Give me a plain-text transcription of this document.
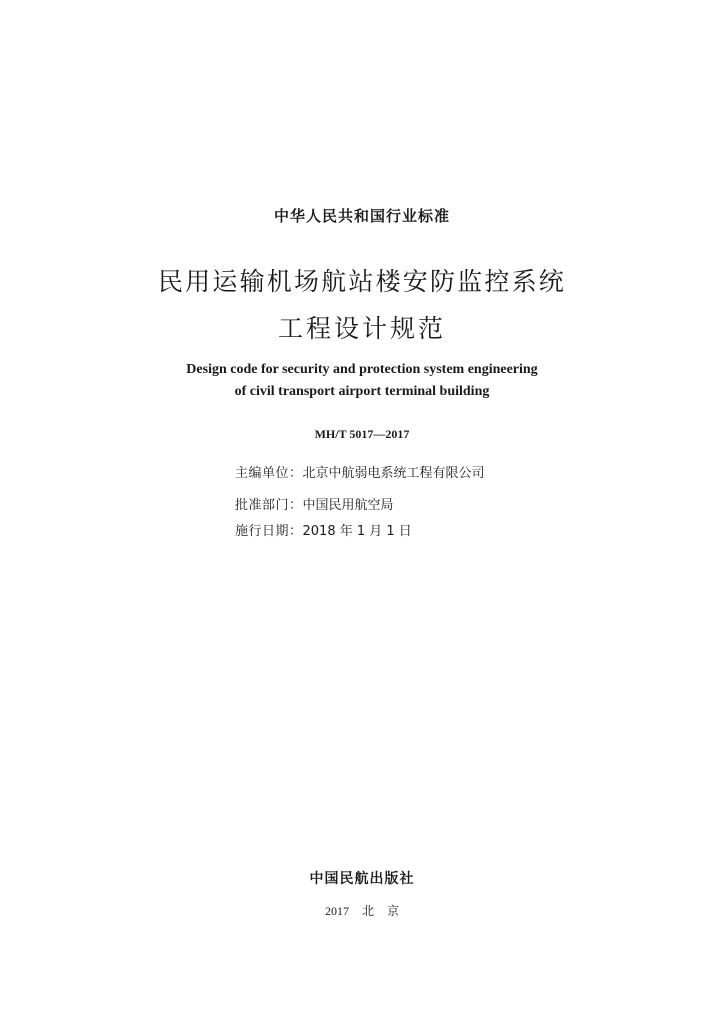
中华人民共和国行业标准
民用运输机场航站楼安防监控系统
工程设计规范
Design code for security and protection system engineering
of civil transport airport terminal building
MH/T 5017—2017
主编单位：北京中航弱电系统工程有限公司
批准部门：中国民用航空局
施行日期：2018 年 1 月 1 日
中国民航出版社
2017 北 京
